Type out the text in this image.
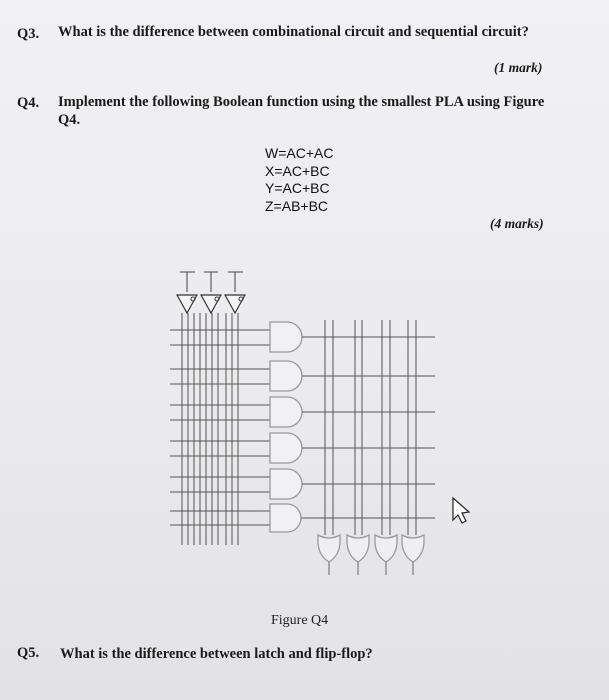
Q3. What is the difference between combinational circuit and sequential circuit?
(1 mark)
Q4. Implement the following Boolean function using the smallest PLA using Figure
Q4.
W=AC+AC
X=AC+BC
Y=AC+BC
Z=AB+BC
(4 marks)
Figure Q4
Q5. What is the difference between latch and flip-flop?
